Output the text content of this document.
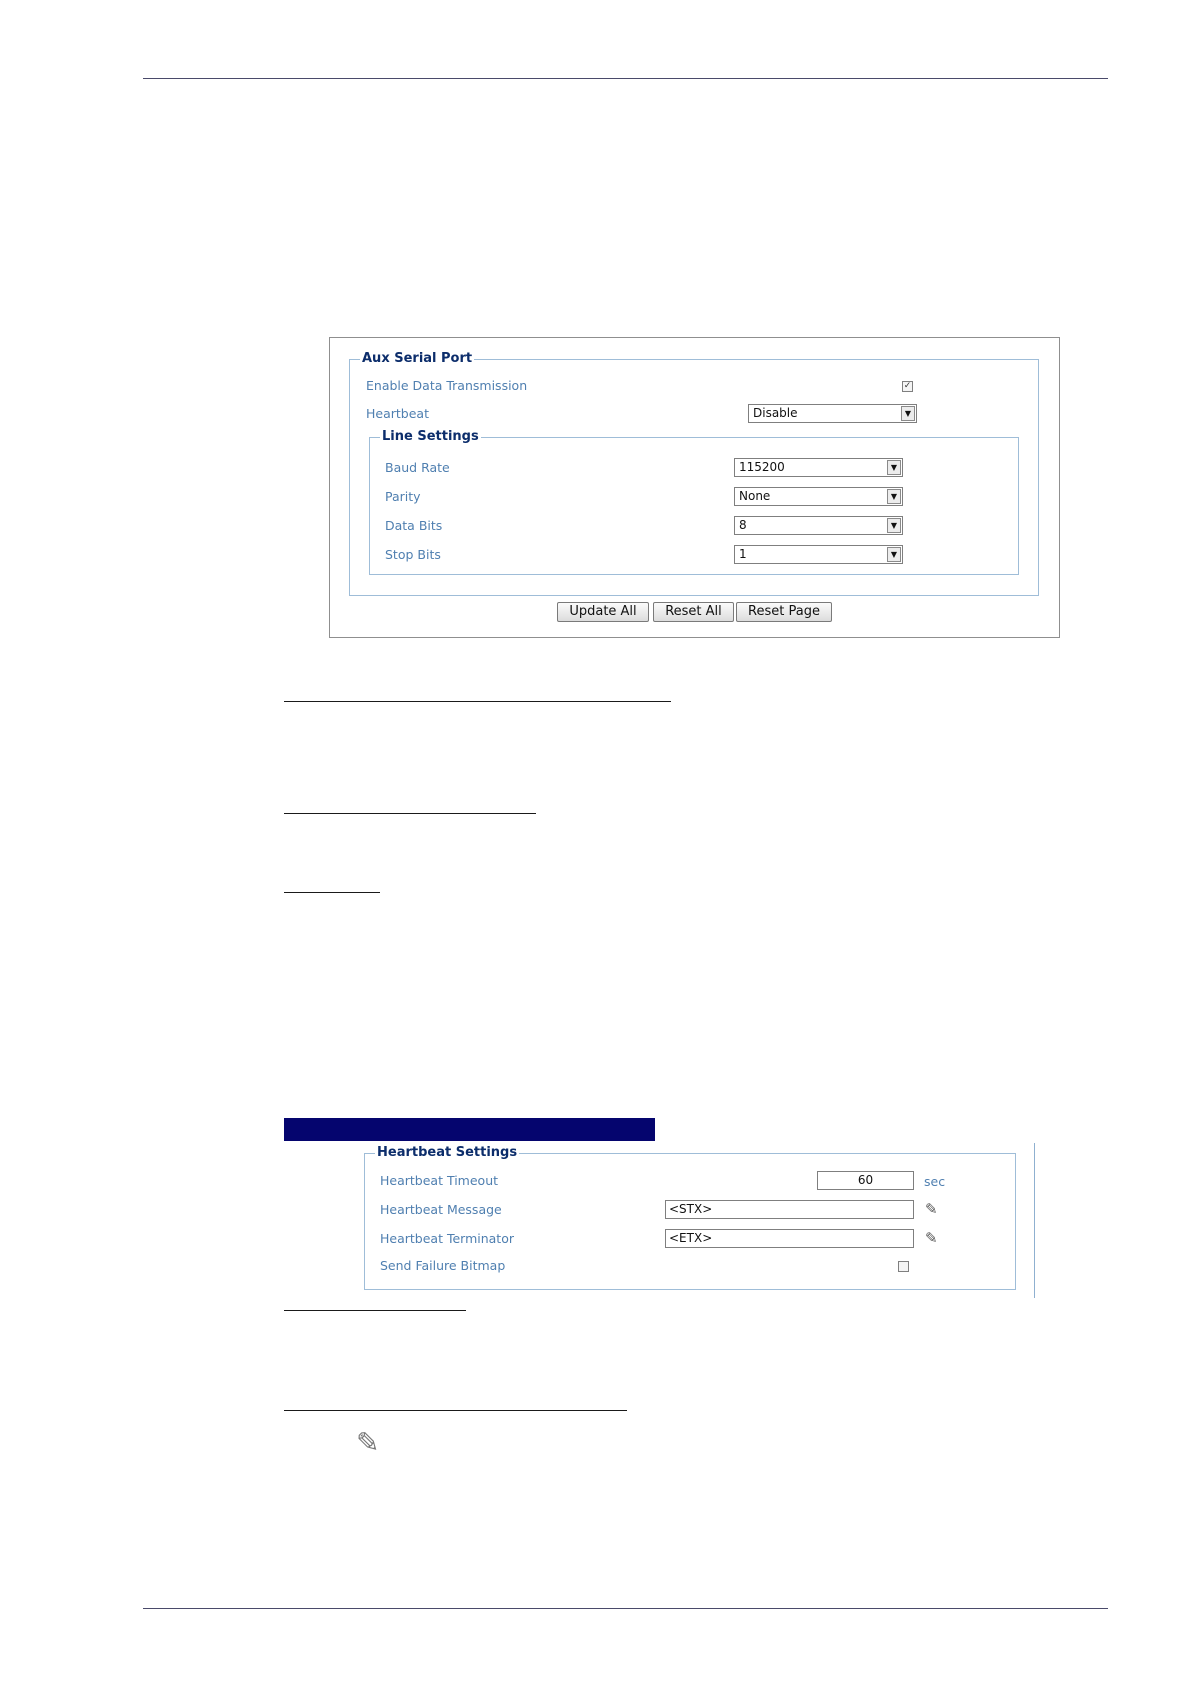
Aux Serial Port
Enable Data Transmission	✓
Heartbeat	Disable	▼
Line Settings
Baud Rate	115200	▼
Parity	None	▼
Data Bits	8	▼
Stop Bits	1	▼
Update All	Reset All	Reset Page
Heartbeat Settings
Heartbeat Timeout	60	sec
Heartbeat Message	<STX>	✎
Heartbeat Terminator	<ETX>	✎
Send Failure Bitmap
✎
